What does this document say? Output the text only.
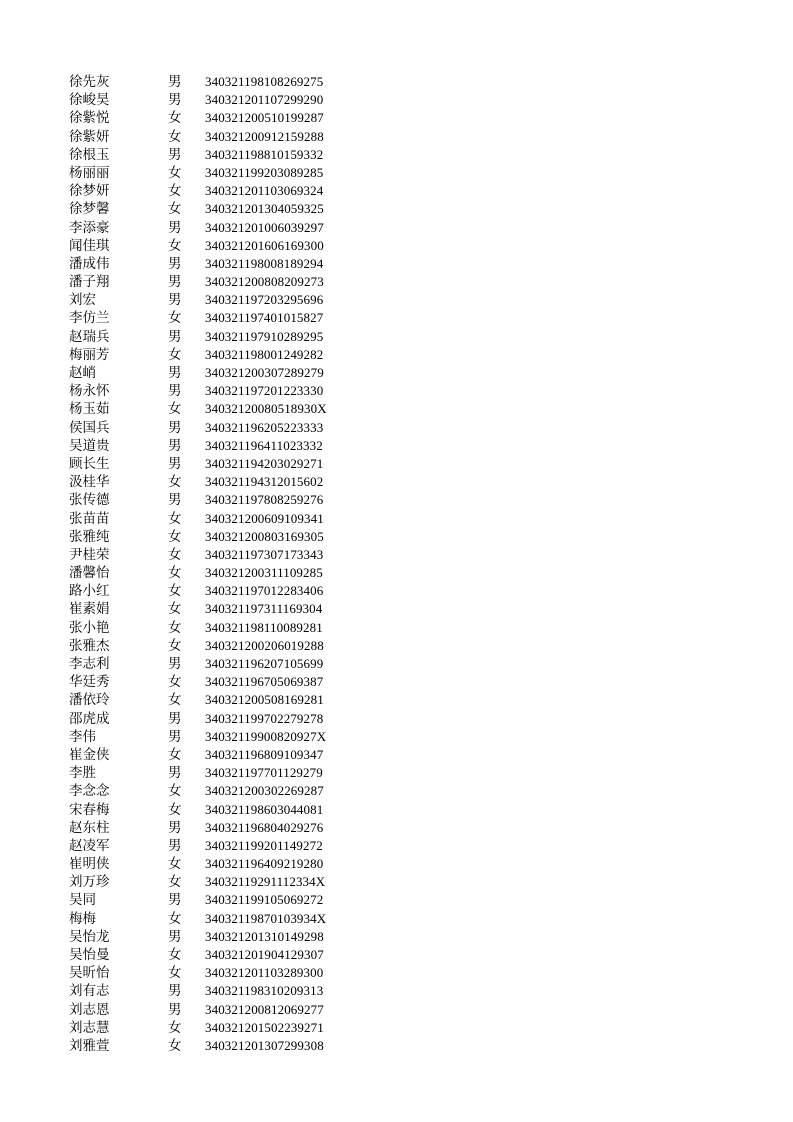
徐先灰	男 340321198108269275
徐峻昊	男 340321201107299290
徐紫悦	女 340321200510199287
徐紫妍	女 340321200912159288
徐根玉	男 340321198810159332
杨丽丽	女 340321199203089285
徐梦妍	女 340321201103069324
徐梦馨	女 340321201304059325
李添豪	男 340321201006039297
闻佳琪	女 340321201606169300
潘成伟	男 340321198008189294
潘子翔	男 340321200808209273
刘宏	男 340321197203295696
李仿兰	女 340321197401015827
赵瑞兵	男 340321197910289295
梅丽芳	女 340321198001249282
赵峭	男 340321200307289279
杨永怀	男 340321197201223330
杨玉茹	女 34032120080518930X
侯国兵	男 340321196205223333
吴道贵	男 340321196411023332
顾长生	男 340321194203029271
汲桂华	女 340321194312015602
张传德	男 340321197808259276
张苗苗	女 340321200609109341
张雅纯	女 340321200803169305
尹桂荣	女 340321197307173343
潘馨怡	女 340321200311109285
路小红	女 340321197012283406
崔素娟	女 340321197311169304
张小艳	女 340321198110089281
张雅杰	女 340321200206019288
李志利	男 340321196207105699
华廷秀	女 340321196705069387
潘依玲	女 340321200508169281
邵虎成	男 340321199702279278
李伟	男 34032119900820927X
崔金侠	女 340321196809109347
李胜	男 340321197701129279
李念念	女 340321200302269287
宋春梅	女 340321198603044081
赵东柱	男 340321196804029276
赵凌军	男 340321199201149272
崔明侠	女 340321196409219280
刘万珍	女 34032119291112334X
吴同	男 340321199105069272
梅梅	女 34032119870103934X
吴怡龙	男 340321201310149298
吴怡曼	女 340321201904129307
吴昕怡	女 340321201103289300
刘有志	男 340321198310209313
刘志恩	男 340321200812069277
刘志慧	女 340321201502239271
刘雅萱	女 340321201307299308
